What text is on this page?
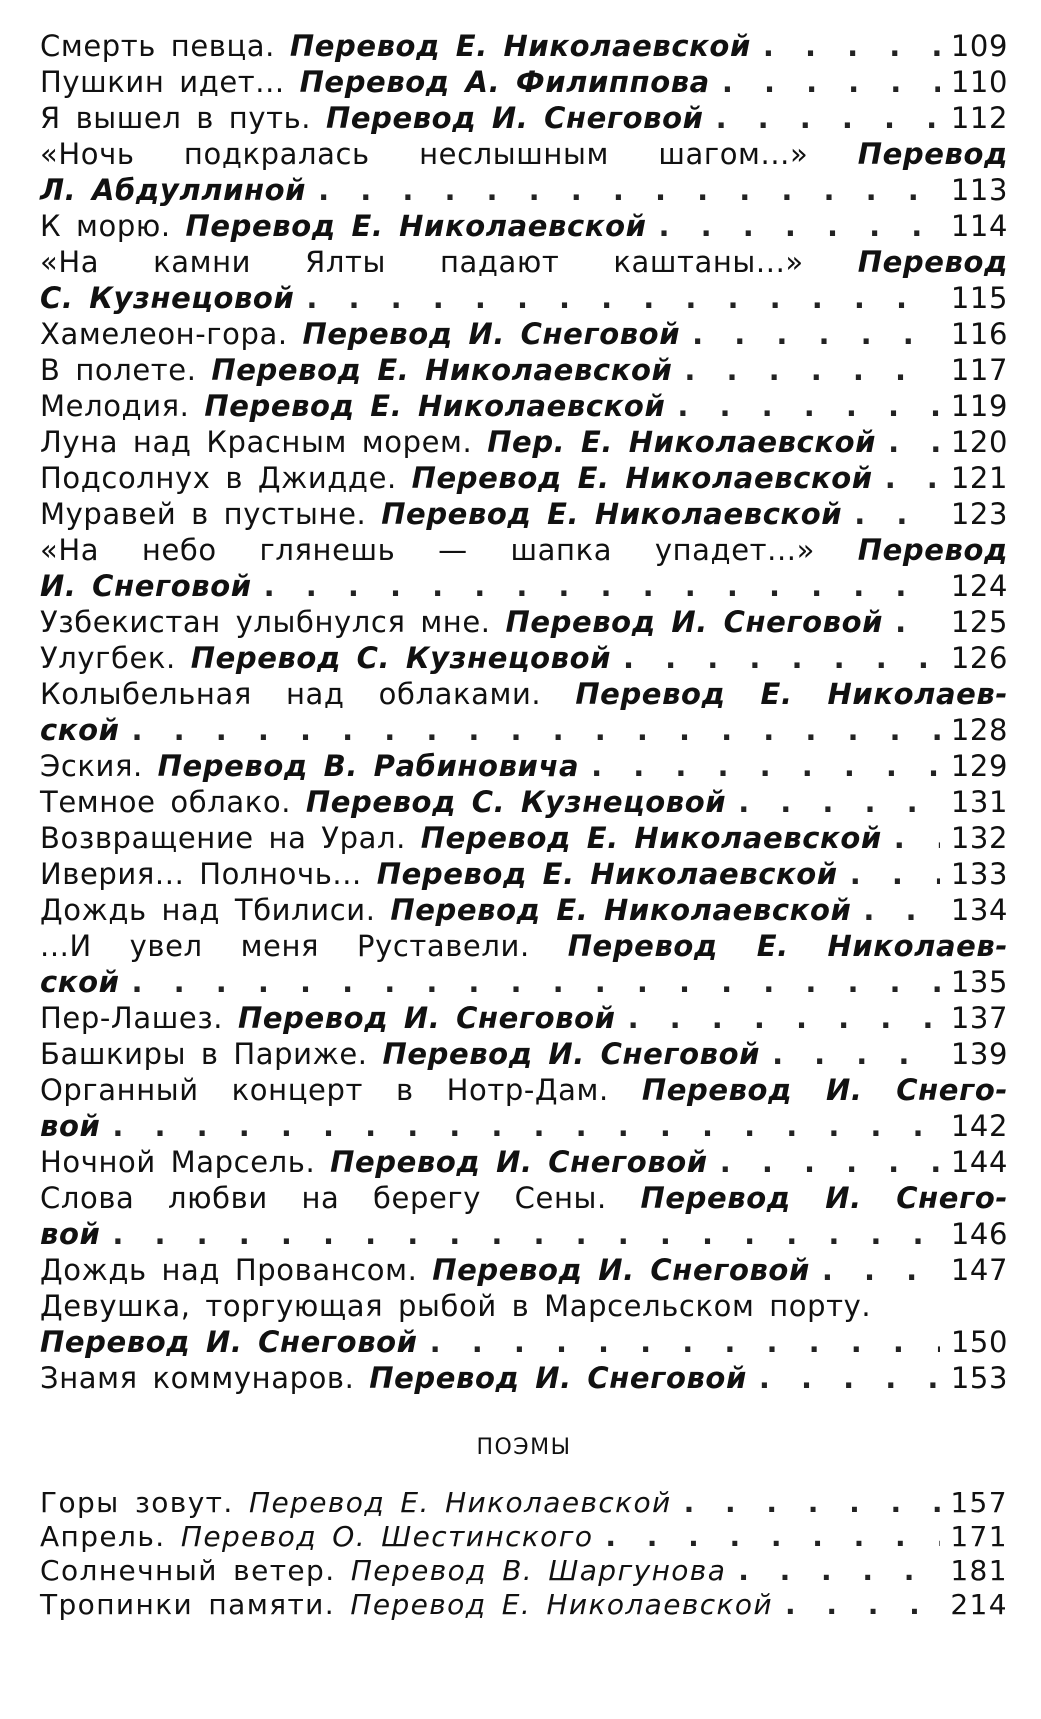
Смерть певца. Перевод Е. Николаевской . . .	109
Пушкин идет... Перевод А. Филиппова . . .	110
Я вышел в путь. Перевод И. Снеговой . . .	112
«Ночь подкралась неслышным шагом...» Перевод
Л. Абдуллиной . . .	113
К морю. Перевод Е. Николаевской . . .	114
«На камни Ялты падают каштаны...» Перевод
С. Кузнецовой . . .	115
Хамелеон-гора. Перевод И. Снеговой . . .	116
В полете. Перевод Е. Николаевской . . .	117
Мелодия. Перевод Е. Николаевской . . .	119
Луна над Красным морем. Пер. Е. Николаевской . . .	120
Подсолнух в Джидде. Перевод Е. Николаевской . . .	121
Муравей в пустыне. Перевод Е. Николаевской . . .	123
«На небо глянешь — шапка упадет...» Перевод
И. Снеговой . . .	124
Узбекистан улыбнулся мне. Перевод И. Снеговой . . . 125
Улугбек. Перевод С. Кузнецовой . . .	126
Колыбельная над облаками. Перевод Е. Николаев-
ской . . .	128
Эския. Перевод В. Рабиновича . . .	129
Темное облако. Перевод С. Кузнецовой . . .	131
Возвращение на Урал. Перевод Е. Николаевской . . . 132
Иверия... Полночь... Перевод Е. Николаевской . . .	133
Дождь над Тбилиси. Перевод Е. Николаевской . . .	134
...И увел меня Руставели. Перевод Е. Николаев-
ской . . .	135
Пер-Лашез. Перевод И. Снеговой . . .	137
Башкиры в Париже. Перевод И. Снеговой . . .	139
Органный концерт в Нотр-Дам. Перевод И. Снего-
вой . . .	142
Ночной Марсель. Перевод И. Снеговой . . .	144
Слова любви на берегу Сены. Перевод И. Снего-
вой . . .	146
Дождь над Провансом. Перевод И. Снеговой . . .	147
Девушка, торгующая рыбой в Марсельском порту.
Перевод И. Снеговой . . .	150
Знамя коммунаров. Перевод И. Снеговой . . .	153
ПОЭМЫ
Горы зовут. Перевод Е. Николаевской . . .	157
Апрель. Перевод О. Шестинского . . .	171
Солнечный ветер. Перевод В. Шаргунова . . .	181
Тропинки памяти. Перевод Е. Николаевской . . .	214
